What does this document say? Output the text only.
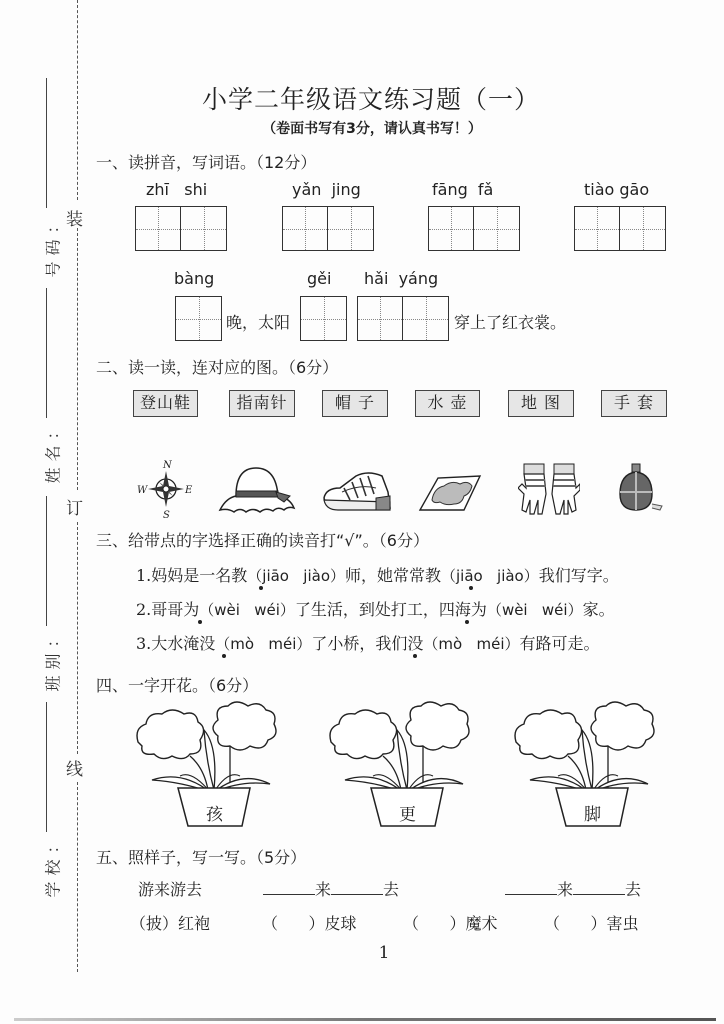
装
订
线
号码：
姓名：
班别：
学校：
小学二年级语文练习题（一）
（卷面书写有3分，请认真书写！）
一、读拼音，写词语。（12分）
zhī   shi	yǎn  jing	fāng  fǎ	tiào gāo
bàng	gěi hǎi  yáng
晚，太阳	穿上了红衣裳。
二、读一读，连对应的图。（6分）
登山鞋	指南针	帽 子	水 壶	地 图	手 套
N
S
W	E
三、给带点的字选择正确的读音打“√”。（6分）
1.妈妈是一名教（jiāo   jiào）师，她常常教（jiāo   jiào）我们写字。
2.哥哥为（wèi   wéi）了生活，到处打工，四海为（wèi   wéi）家。
3.大水淹没（mò   méi）了小桥，我们没（mò   méi）有路可走。
四、一字开花。（6分）
孩	更	脚
五、照样子，写一写。（5分）
游来游去	来	去	来	去
（披）红袍	（      ）皮球	（      ）魔术	（      ）害虫
1
